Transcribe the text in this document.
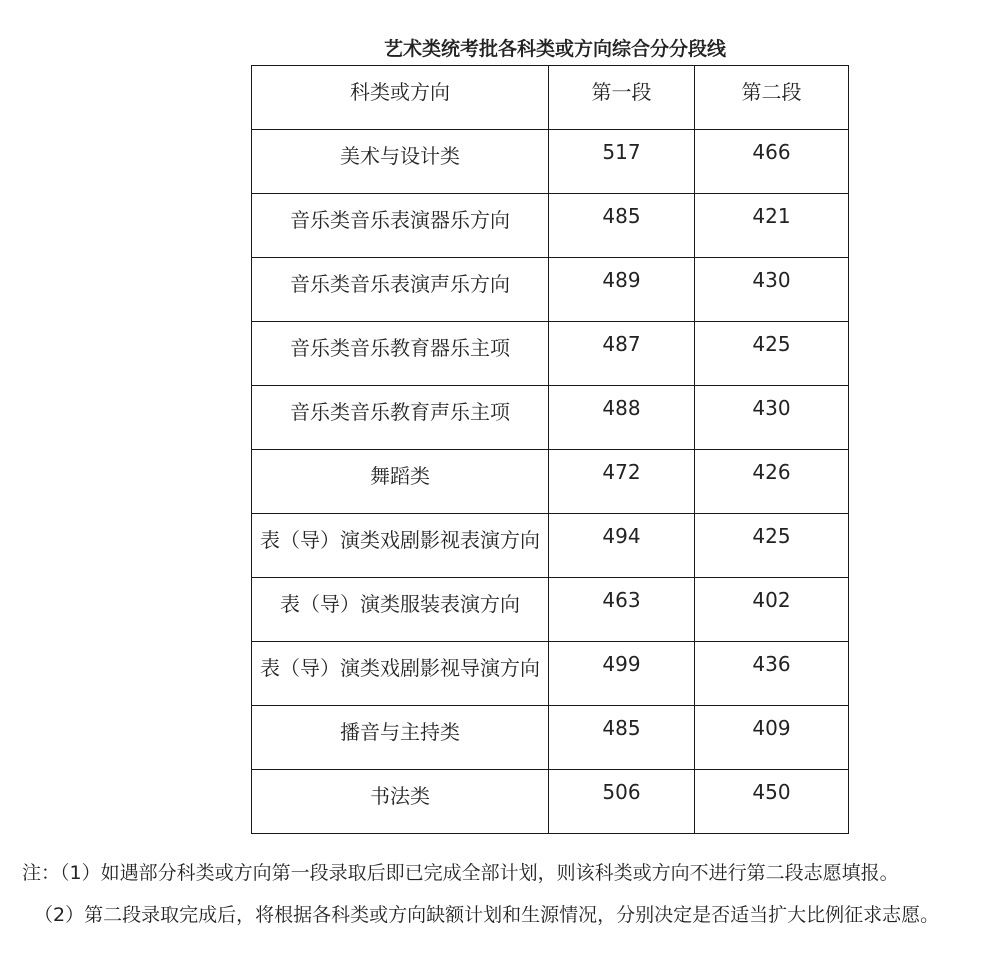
艺术类统考批各科类或方向综合分分段线
科类或方向	第一段	第二段
美术与设计类	517	466
音乐类音乐表演器乐方向	485	421
音乐类音乐表演声乐方向	489	430
音乐类音乐教育器乐主项	487	425
音乐类音乐教育声乐主项	488	430
舞蹈类	472	426
表（导）演类戏剧影视表演方向	494	425
表（导）演类服装表演方向	463	402
表（导）演类戏剧影视导演方向	499	436
播音与主持类	485	409
书法类	506	450
注：（1）如遇部分科类或方向第一段录取后即已完成全部计划，则该科类或方向不进行第二段志愿填报。
（2）第二段录取完成后，将根据各科类或方向缺额计划和生源情况，分别决定是否适当扩大比例征求志愿。
